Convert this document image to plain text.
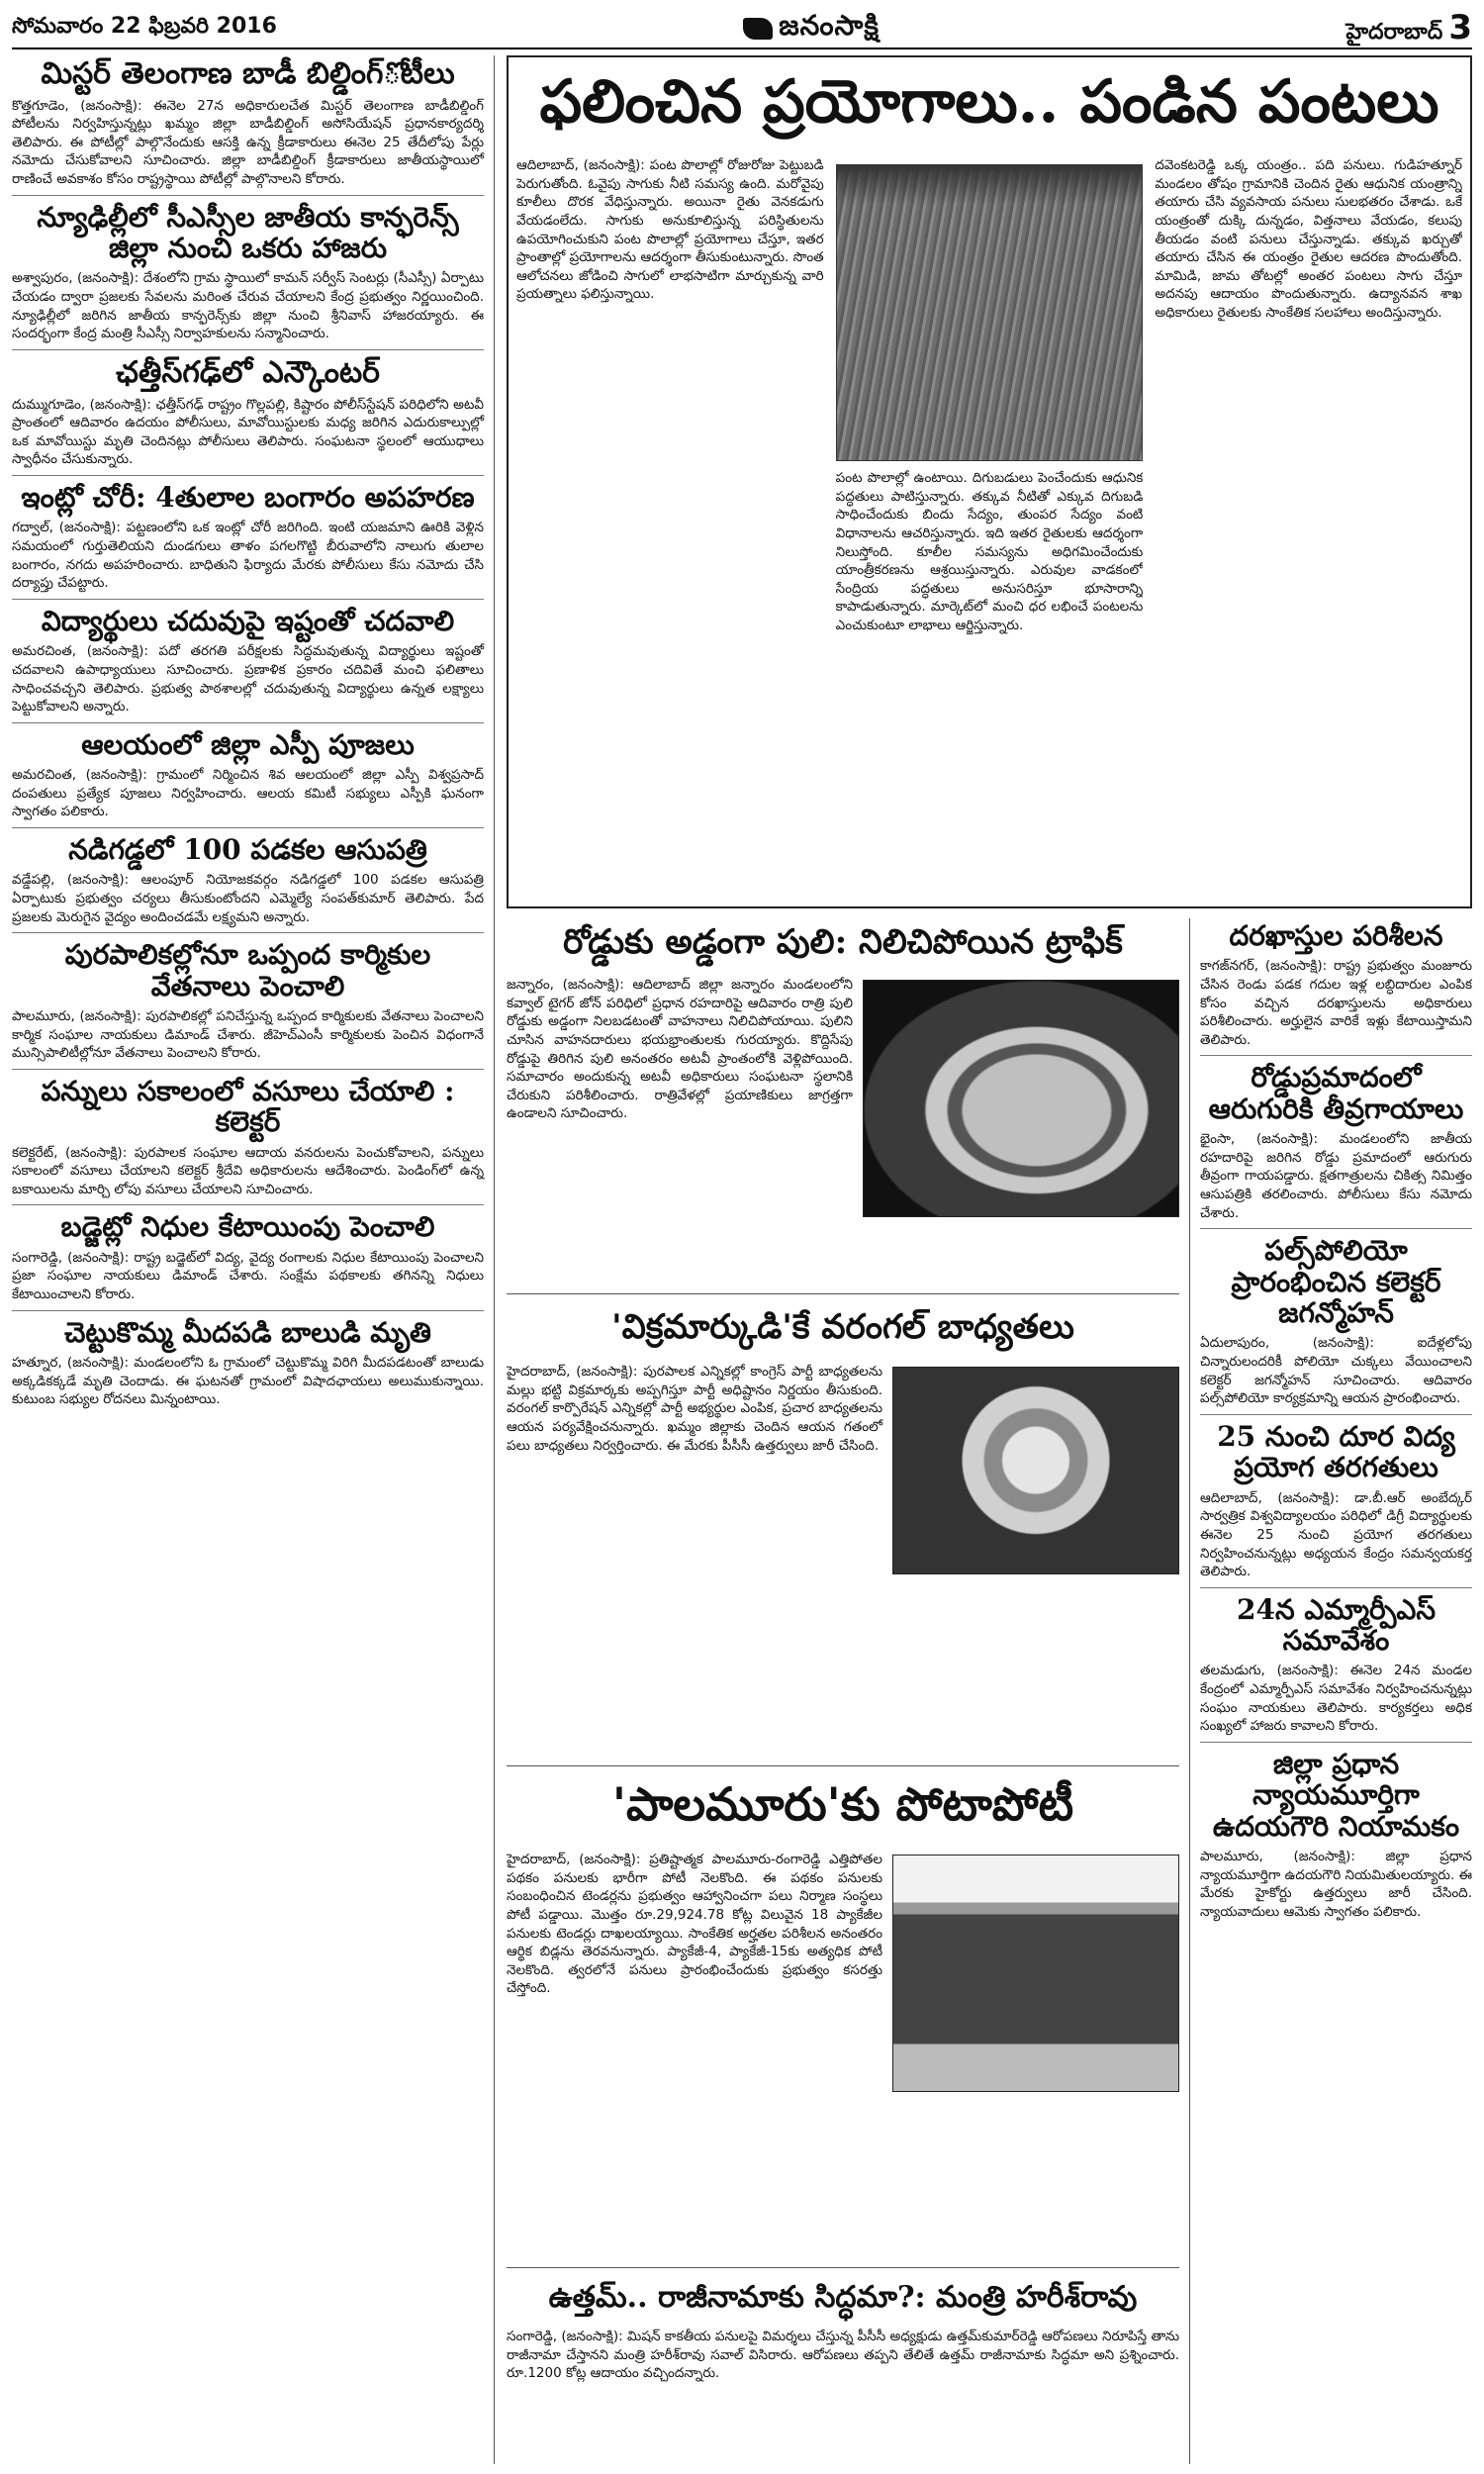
సోమవారం 22 ఫిబ్రవరి 2016	జనంసాక్షి	హైదరాబాద్ 3
మిస్టర్ తెలంగాణ బాడీ బిల్డింగ్‌ోటీలు

కొత్తగూడెం, (జనంసాక్షి): ఈనెల 27న అధికారులచేత మిస్టర్ తెలంగాణ బాడీబిల్డింగ్ పోటీలను నిర్వహిస్తున్నట్లు ఖమ్మం జిల్లా బాడీబిల్డింగ్ అసోసియేషన్ ప్రధానకార్యదర్శి తెలిపారు. ఈ పోటీల్లో పాల్గొనేందుకు ఆసక్తి ఉన్న క్రీడాకారులు ఈనెల 25 తేదీలోపు పేర్లు నమోదు చేసుకోవాలని సూచించారు. జిల్లా బాడీబిల్డింగ్ క్రీడాకారులు జాతీయస్థాయిలో రాణించే అవకాశం కోసం రాష్ట్రస్థాయి పోటీల్లో పాల్గొనాలని కోరారు.

న్యూఢిల్లీలో సీఎస్సీల జాతీయ కాన్ఫరెన్స్ జిల్లా నుంచి ఒకరు హాజరు

అశ్వాపురం, (జనంసాక్షి): దేశంలోని గ్రామ స్థాయిలో కామన్ సర్వీస్ సెంటర్లు (సీఎస్సీ) ఏర్పాటు చేయడం ద్వారా ప్రజలకు సేవలను మరింత చేరువ చేయాలని కేంద్ర ప్రభుత్వం నిర్ణయించింది. న్యూఢిల్లీలో జరిగిన జాతీయ కాన్ఫరెన్స్‌కు జిల్లా నుంచి శ్రీనివాస్ హాజరయ్యారు. ఈ సందర్భంగా కేంద్ర మంత్రి సీఎస్సీ నిర్వాహకులను సన్మానించారు.

ఛత్తీస్‌గఢ్‌లో ఎన్కౌంటర్

దుమ్ముగూడెం, (జనంసాక్షి): ఛత్తీస్‌గఢ్ రాష్ట్రం గొల్లపల్లి, కిష్టారం పోలీస్‌స్టేషన్ పరిధిలోని అటవీ ప్రాంతంలో ఆదివారం ఉదయం పోలీసులు, మావోయిస్టులకు మధ్య జరిగిన ఎదురుకాల్పుల్లో ఒక మావోయిస్టు మృతి చెందినట్లు పోలీసులు తెలిపారు. సంఘటనా స్థలంలో ఆయుధాలు స్వాధీనం చేసుకున్నారు.

ఇంట్లో చోరీ: 4తులాల బంగారం అపహరణ

గద్వాల్, (జనంసాక్షి): పట్టణంలోని ఒక ఇంట్లో చోరీ జరిగింది. ఇంటి యజమాని ఊరికి వెళ్లిన సమయంలో గుర్తుతెలియని దుండగులు తాళం పగలగొట్టి బీరువాలోని నాలుగు తులాల బంగారం, నగదు అపహరించారు. బాధితుని ఫిర్యాదు మేరకు పోలీసులు కేసు నమోదు చేసి దర్యాప్తు చేపట్టారు.

విద్యార్థులు చదువుపై ఇష్టంతో చదవాలి

అమరచింత, (జనంసాక్షి): పదో తరగతి పరీక్షలకు సిద్ధమవుతున్న విద్యార్థులు ఇష్టంతో చదవాలని ఉపాధ్యాయులు సూచించారు. ప్రణాళిక ప్రకారం చదివితే మంచి ఫలితాలు సాధించవచ్చని తెలిపారు. ప్రభుత్వ పాఠశాలల్లో చదువుతున్న విద్యార్థులు ఉన్నత లక్ష్యాలు పెట్టుకోవాలని అన్నారు.

ఆలయంలో జిల్లా ఎస్పీ పూజలు

అమరచింత, (జనంసాక్షి): గ్రామంలో నిర్మించిన శివ ఆలయంలో జిల్లా ఎస్పీ విశ్వప్రసాద్ దంపతులు ప్రత్యేక పూజలు నిర్వహించారు. ఆలయ కమిటీ సభ్యులు ఎస్పీకి ఘనంగా స్వాగతం పలికారు.

నడిగడ్డలో 100 పడకల ఆసుపత్రి

వడ్డేపల్లి, (జనంసాక్షి): ఆలంపూర్ నియోజకవర్గం నడిగడ్డలో 100 పడకల ఆసుపత్రి ఏర్పాటుకు ప్రభుత్వం చర్యలు తీసుకుంటోందని ఎమ్మెల్యే సంపత్‌కుమార్ తెలిపారు. పేద ప్రజలకు మెరుగైన వైద్యం అందించడమే లక్ష్యమని అన్నారు.

పురపాలికల్లోనూ ఒప్పంద కార్మికుల వేతనాలు పెంచాలి

పాలమూరు, (జనంసాక్షి): పురపాలికల్లో పనిచేస్తున్న ఒప్పంద కార్మికులకు వేతనాలు పెంచాలని కార్మిక సంఘాల నాయకులు డిమాండ్ చేశారు. జీహెచ్ఎంసీ కార్మికులకు పెంచిన విధంగానే మున్సిపాలిటీల్లోనూ వేతనాలు పెంచాలని కోరారు.

పన్నులు సకాలంలో వసూలు చేయాలి : కలెక్టర్

కలెక్టరేట్, (జనంసాక్షి): పురపాలక సంఘాల ఆదాయ వనరులను పెంచుకోవాలని, పన్నులు సకాలంలో వసూలు చేయాలని కలెక్టర్ శ్రీదేవి అధికారులను ఆదేశించారు. పెండింగ్‌లో ఉన్న బకాయిలను మార్చి లోపు వసూలు చేయాలని సూచించారు.

బడ్జెట్లో నిధుల కేటాయింపు పెంచాలి

సంగారెడ్డి, (జనంసాక్షి): రాష్ట్ర బడ్జెట్‌లో విద్య, వైద్య రంగాలకు నిధుల కేటాయింపు పెంచాలని ప్రజా సంఘాల నాయకులు డిమాండ్ చేశారు. సంక్షేమ పథకాలకు తగినన్ని నిధులు కేటాయించాలని కోరారు.

చెట్టుకొమ్మ మీదపడి బాలుడి మృతి

హత్నూర, (జనంసాక్షి): మండలంలోని ఓ గ్రామంలో చెట్టుకొమ్మ విరిగి మీదపడటంతో బాలుడు అక్కడికక్కడే మృతి చెందాడు. ఈ ఘటనతో గ్రామంలో విషాదఛాయలు అలుముకున్నాయి. కుటుంబ సభ్యుల రోదనలు మిన్నంటాయి.

ఫలించిన ప్రయోగాలు.. పండిన పంటలు

ఆదిలాబాద్, (జనంసాక్షి): పంట పొలాల్లో రోజురోజు పెట్టుబడి పెరుగుతోంది. ఓవైపు సాగుకు నీటి సమస్య ఉంది. మరోవైపు కూలీలు దొరక వేధిస్తున్నారు. అయినా రైతు వెనకడుగు వేయడంలేదు. సాగుకు అనుకూలిస్తున్న పరిస్థితులను ఉపయోగించుకుని పంట పొలాల్లో ప్రయోగాలు చేస్తూ, ఇతర ప్రాంతాల్లో ప్రయోగాలను ఆదర్శంగా తీసుకుంటున్నారు. సొంత ఆలోచనలు జోడించి సాగులో లాభసాటిగా మార్చుకున్న వారి ప్రయత్నాలు ఫలిస్తున్నాయి.

పంట పొలాల్లో ఉంటాయి. దిగుబడులు పెంచేందుకు ఆధునిక పద్ధతులు పాటిస్తున్నారు. తక్కువ నీటితో ఎక్కువ దిగుబడి సాధించేందుకు బిందు సేద్యం, తుంపర సేద్యం వంటి విధానాలను ఆచరిస్తున్నారు. ఇది ఇతర రైతులకు ఆదర్శంగా నిలుస్తోంది. కూలీల సమస్యను అధిగమించేందుకు యాంత్రీకరణను ఆశ్రయిస్తున్నారు. ఎరువుల వాడకంలో సేంద్రియ పద్ధతులు అనుసరిస్తూ భూసారాన్ని కాపాడుతున్నారు. మార్కెట్‌లో మంచి ధర లభించే పంటలను ఎంచుకుంటూ లాభాలు ఆర్జిస్తున్నారు.

దవెంకటరెడ్డి ఒక్క యంత్రం.. పది పనులు. గుడిహత్నూర్ మండలం తోషం గ్రామానికి చెందిన రైతు ఆధునిక యంత్రాన్ని తయారు చేసి వ్యవసాయ పనులు సులభతరం చేశాడు. ఒకే యంత్రంతో దుక్కి దున్నడం, విత్తనాలు వేయడం, కలుపు తీయడం వంటి పనులు చేస్తున్నాడు. తక్కువ ఖర్చుతో తయారు చేసిన ఈ యంత్రం రైతుల ఆదరణ పొందుతోంది. మామిడి, జామ తోటల్లో అంతర పంటలు సాగు చేస్తూ అదనపు ఆదాయం పొందుతున్నారు. ఉద్యానవన శాఖ అధికారులు రైతులకు సాంకేతిక సలహాలు అందిస్తున్నారు.

రోడ్డుకు అడ్డంగా పులి: నిలిచిపోయిన ట్రాఫిక్

జన్నారం, (జనంసాక్షి): ఆదిలాబాద్ జిల్లా జన్నారం మండలంలోని కవ్వాల్ టైగర్ జోన్ పరిధిలో ప్రధాన రహదారిపై ఆదివారం రాత్రి పులి రోడ్డుకు అడ్డంగా నిలబడటంతో వాహనాలు నిలిచిపోయాయి. పులిని చూసిన వాహనదారులు భయభ్రాంతులకు గురయ్యారు. కొద్దిసేపు రోడ్డుపై తిరిగిన పులి అనంతరం అటవీ ప్రాంతంలోకి వెళ్లిపోయింది. సమాచారం అందుకున్న అటవీ అధికారులు సంఘటనా స్థలానికి చేరుకుని పరిశీలించారు. రాత్రివేళల్లో ప్రయాణికులు జాగ్రత్తగా ఉండాలని సూచించారు.

'విక్రమార్కుడి'కే వరంగల్ బాధ్యతలు

హైదరాబాద్, (జనంసాక్షి): పురపాలక ఎన్నికల్లో కాంగ్రెస్ పార్టీ బాధ్యతలను మల్లు భట్టి విక్రమార్కకు అప్పగిస్తూ పార్టీ అధిష్టానం నిర్ణయం తీసుకుంది. వరంగల్ కార్పొరేషన్ ఎన్నికల్లో పార్టీ అభ్యర్థుల ఎంపిక, ప్రచార బాధ్యతలను ఆయన పర్యవేక్షించనున్నారు. ఖమ్మం జిల్లాకు చెందిన ఆయన గతంలో పలు బాధ్యతలు నిర్వర్తించారు. ఈ మేరకు పీసీసీ ఉత్తర్వులు జారీ చేసింది.

'పాలమూరు'కు పోటాపోటీ

హైదరాబాద్, (జనంసాక్షి): ప్రతిష్టాత్మక పాలమూరు-రంగారెడ్డి ఎత్తిపోతల పథకం పనులకు భారీగా పోటీ నెలకొంది. ఈ పథకం పనులకు సంబంధించిన టెండర్లను ప్రభుత్వం ఆహ్వానించగా పలు నిర్మాణ సంస్థలు పోటీ పడ్డాయి. మొత్తం రూ.29,924.78 కోట్ల విలువైన 18 ప్యాకేజీల పనులకు టెండర్లు దాఖలయ్యాయి. సాంకేతిక అర్హతల పరిశీలన అనంతరం ఆర్థిక బిడ్లను తెరవనున్నారు. ప్యాకేజీ-4, ప్యాకేజీ-15కు అత్యధిక పోటీ నెలకొంది. త్వరలోనే పనులు ప్రారంభించేందుకు ప్రభుత్వం కసరత్తు చేస్తోంది.

ఉత్తమ్.. రాజీనామాకు సిద్ధమా?: మంత్రి హరీశ్‌రావు

సంగారెడ్డి, (జనంసాక్షి): మిషన్ కాకతీయ పనులపై విమర్శలు చేస్తున్న పీసీసీ అధ్యక్షుడు ఉత్తమ్‌కుమార్‌రెడ్డి ఆరోపణలు నిరూపిస్తే తాను రాజీనామా చేస్తానని మంత్రి హరీశ్‌రావు సవాల్ విసిరారు. ఆరోపణలు తప్పని తేలితే ఉత్తమ్ రాజీనామాకు సిద్ధమా అని ప్రశ్నించారు. రూ.1200 కోట్ల ఆదాయం వచ్చిందన్నారు.

దరఖాస్తుల పరిశీలన

కాగజ్‌నగర్, (జనంసాక్షి): రాష్ట్ర ప్రభుత్వం మంజూరు చేసిన రెండు పడక గదుల ఇళ్ల లబ్ధిదారుల ఎంపిక కోసం వచ్చిన దరఖాస్తులను అధికారులు పరిశీలించారు. అర్హులైన వారికే ఇళ్లు కేటాయిస్తామని తెలిపారు.

రోడ్డుప్రమాదంలో ఆరుగురికి తీవ్రగాయాలు

భైంసా, (జనంసాక్షి): మండలంలోని జాతీయ రహదారిపై జరిగిన రోడ్డు ప్రమాదంలో ఆరుగురు తీవ్రంగా గాయపడ్డారు. క్షతగాత్రులను చికిత్స నిమిత్తం ఆసుపత్రికి తరలించారు. పోలీసులు కేసు నమోదు చేశారు.

పల్స్‌పోలియో ప్రారంభించిన కలెక్టర్ జగన్మోహన్

ఏదులాపురం, (జనంసాక్షి): ఐదేళ్లలోపు చిన్నారులందరికీ పోలియో చుక్కలు వేయించాలని కలెక్టర్ జగన్మోహన్ సూచించారు. ఆదివారం పల్స్‌పోలియో కార్యక్రమాన్ని ఆయన ప్రారంభించారు.

25 నుంచి దూర విద్య ప్రయోగ తరగతులు

ఆదిలాబాద్, (జనంసాక్షి): డా.బీ.ఆర్ అంబేద్కర్ సార్వత్రిక విశ్వవిద్యాలయం పరిధిలో డిగ్రీ విద్యార్థులకు ఈనెల 25 నుంచి ప్రయోగ తరగతులు నిర్వహించనున్నట్లు అధ్యయన కేంద్రం సమన్వయకర్త తెలిపారు.

24న ఎమ్మార్పీఎస్ సమావేశం

తలమడుగు, (జనంసాక్షి): ఈనెల 24న మండల కేంద్రంలో ఎమ్మార్పీఎస్ సమావేశం నిర్వహించనున్నట్లు సంఘం నాయకులు తెలిపారు. కార్యకర్తలు అధిక సంఖ్యలో హాజరు కావాలని కోరారు.

జిల్లా ప్రధాన న్యాయమూర్తిగా ఉదయగౌరి నియామకం

పాలమూరు, (జనంసాక్షి): జిల్లా ప్రధాన న్యాయమూర్తిగా ఉదయగౌరి నియమితులయ్యారు. ఈ మేరకు హైకోర్టు ఉత్తర్వులు జారీ చేసింది. న్యాయవాదులు ఆమెకు స్వాగతం పలికారు.
